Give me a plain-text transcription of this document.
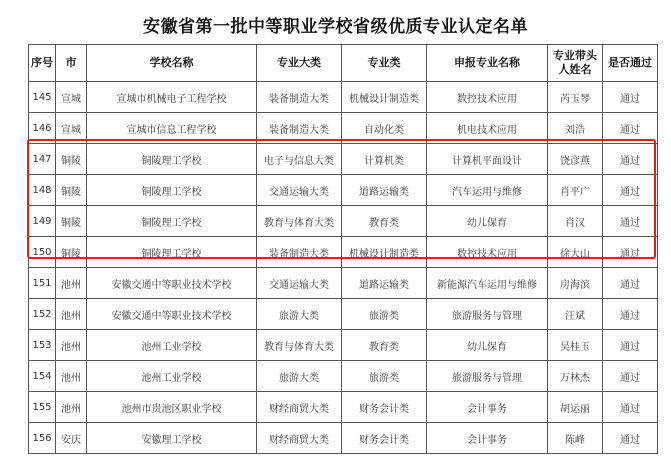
安徽省第一批中等职业学校省级优质专业认定名单
序号	市	学校名称	专业大类	专业类	申报专业名称	专业带头人姓名	是否通过
145	宣城	宣城市机械电子工程学校	装备制造大类	机械设计制造类	数控技术应用	芮玉琴	通过
146	宣城	宣城市信息工程学校	装备制造大类	自动化类	机电技术应用	刘浩	通过
147	铜陵	铜陵理工学校	电子与信息大类	计算机类	计算机平面设计	饶彦燕	通过
148	铜陵	铜陵理工学校	交通运输大类	道路运输类	汽车运用与维修	肖平广	通过
149	铜陵	铜陵理工学校	教育与体育大类	教育类	幼儿保育	肖汉	通过
150	铜陵	铜陵理工学校	装备制造大类	机械设计制造类	数控技术应用	徐大山	通过
151	池州	安徽交通中等职业技术学校	交通运输大类	道路运输类	新能源汽车运用与维修	房海滨	通过
152	池州	安徽交通中等职业技术学校	旅游大类	旅游类	旅游服务与管理	汪斌	通过
153	池州	池州工业学校	教育与体育大类	教育类	幼儿保育	吴桂玉	通过
154	池州	池州工业学校	旅游大类	旅游类	旅游服务与管理	万林杰	通过
155	池州	池州市贵池区职业学校	财经商贸大类	财务会计类	会计事务	胡运丽	通过
156	安庆	安徽理工学校	财经商贸大类	财务会计类	会计事务	陈峰	通过
